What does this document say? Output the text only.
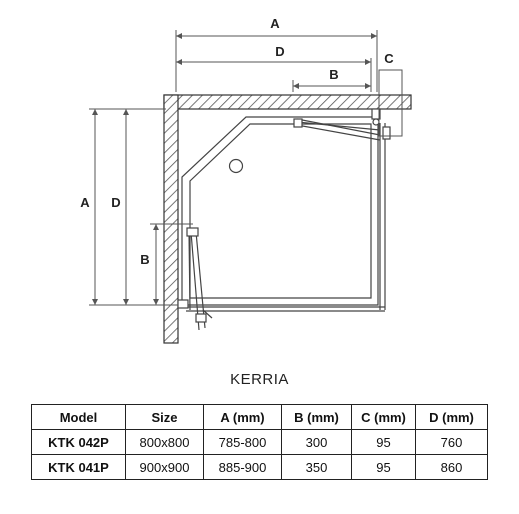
A
D
B
C
A D
B
KERRIA
Model	Size	A (mm)	B (mm)	C (mm)	D (mm)
KTK 042P	800x800	785-800	300	95	760
KTK 041P	900x900	885-900	350	95	860
